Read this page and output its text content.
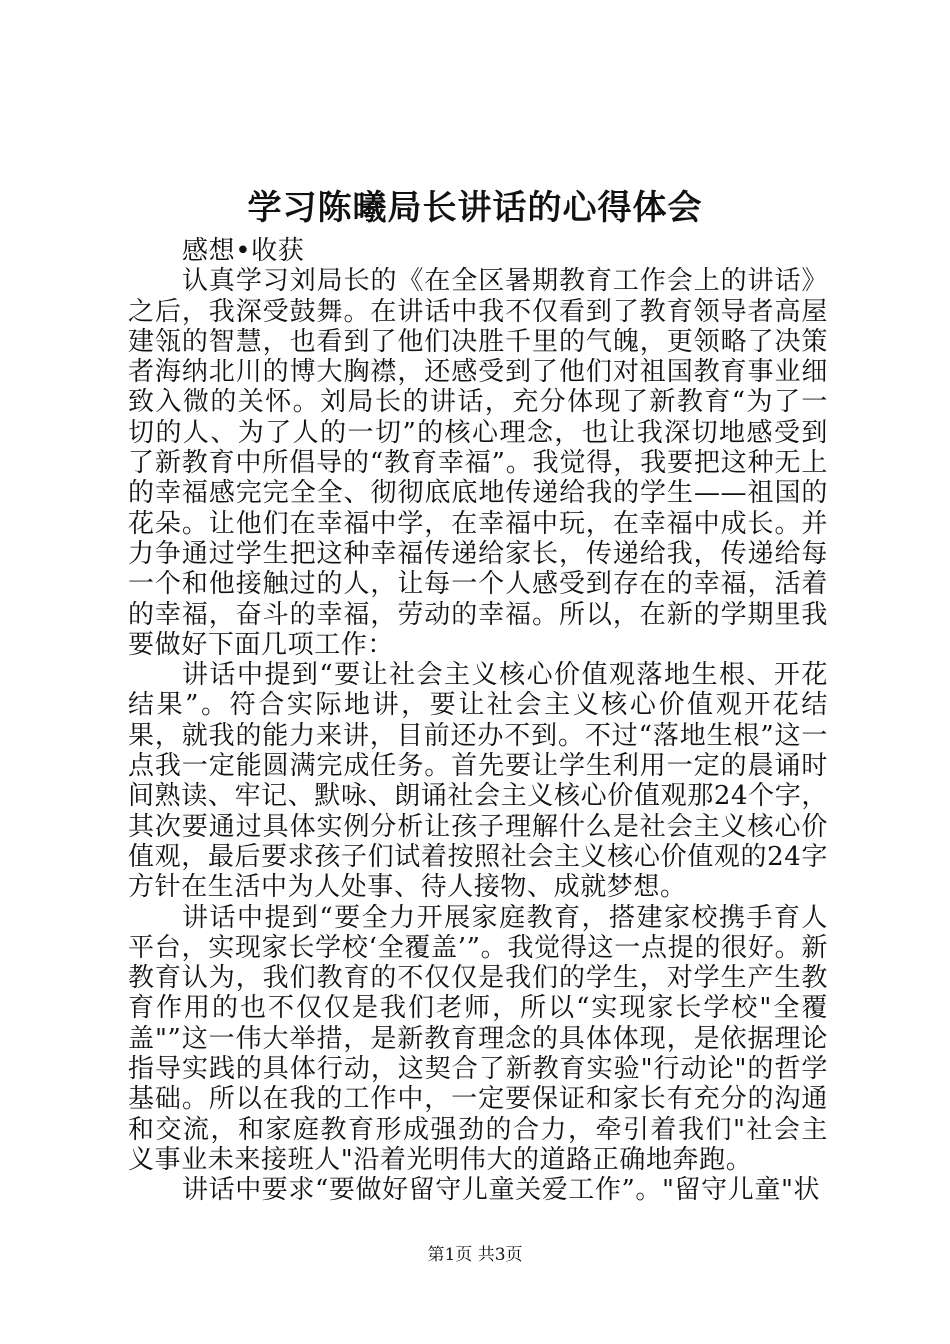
学习陈曦局长讲话的心得体会

感想•收获

认真学习刘局长的《在全区暑期教育工作会上的讲话》之后，我深受鼓舞。在讲话中我不仅看到了教育领导者高屋建瓴的智慧，也看到了他们决胜千里的气魄，更领略了决策者海纳北川的博大胸襟，还感受到了他们对祖国教育事业细致入微的关怀。刘局长的讲话，充分体现了新教育“为了一切的人、为了人的一切”的核心理念，也让我深切地感受到了新教育中所倡导的“教育幸福”。我觉得，我要把这种无上的幸福感完完全全、彻彻底底地传递给我的学生——祖国的花朵。让他们在幸福中学，在幸福中玩，在幸福中成长。并力争通过学生把这种幸福传递给家长，传递给我，传递给每一个和他接触过的人，让每一个人感受到存在的幸福，活着的幸福，奋斗的幸福，劳动的幸福。所以，在新的学期里我要做好下面几项工作：

讲话中提到“要让社会主义核心价值观落地生根、开花结果”。符合实际地讲，要让社会主义核心价值观开花结果，就我的能力来讲，目前还办不到。不过“落地生根”这一点我一定能圆满完成任务。首先要让学生利用一定的晨诵时间熟读、牢记、默咏、朗诵社会主义核心价值观那24个字，其次要通过具体实例分析让孩子理解什么是社会主义核心价值观，最后要求孩子们试着按照社会主义核心价值观的24字方针在生活中为人处事、待人接物、成就梦想。

讲话中提到“要全力开展家庭教育，搭建家校携手育人平台，实现家长学校‘全覆盖’”。我觉得这一点提的很好。新教育认为，我们教育的不仅仅是我们的学生，对学生产生教育作用的也不仅仅是我们老师，所以“实现家长学校"全覆盖"”这一伟大举措，是新教育理念的具体体现，是依据理论指导实践的具体行动，这契合了新教育实验"行动论"的哲学基础。所以在我的工作中，一定要保证和家长有充分的沟通和交流，和家庭教育形成强劲的合力，牵引着我们"社会主义事业未来接班人"沿着光明伟大的道路正确地奔跑。

讲话中要求“要做好留守儿童关爱工作”。"留守儿童"状

第1页 共3页
